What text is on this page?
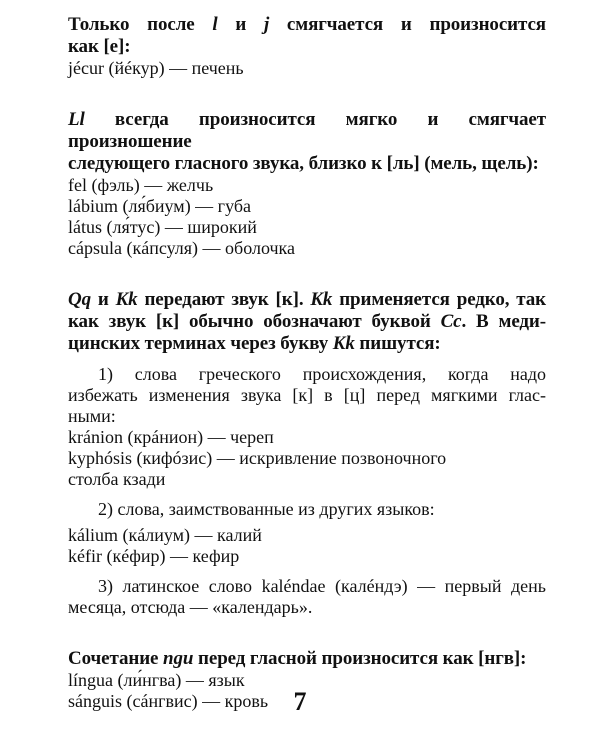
Только после l и j смягчается и произносится

как [е]:

jécur (йéкур) — печень

Ll всегда произносится мягко и смягчает произношение

следующего гласного звука, близко к [ль] (мель, щель):

fel (фэль) — желчь

lábium (ля́биум) — губа

látus (ля́тус) — широкий

cápsula (кáпсуля) — оболочка

Qq и Kk передают звук [к]. Kk применяется редко, так

как звук [к] обычно обозначают буквой Cc. В меди-

цинских терминах через букву Kk пишутся:

1) слова греческого происхождения, когда надо

избежать изменения звука [к] в [ц] перед мягкими глас-

ными:

kránion (крáнион) — череп

kyphósis (кифóзис) — искривление позвоночного

столба кзади

2) слова, заимствованные из других языков:

kálium (кáлиум) — калий

kéfir (кéфир) — кефир

3) латинское слово kaléndae (калéндэ) — первый день

месяца, отсюда — «календарь».

Сочетание ngu перед гласной произносится как [нгв]:

língua (ли́нгва) — язык

sánguis (сáнгвис) — кровь 7
